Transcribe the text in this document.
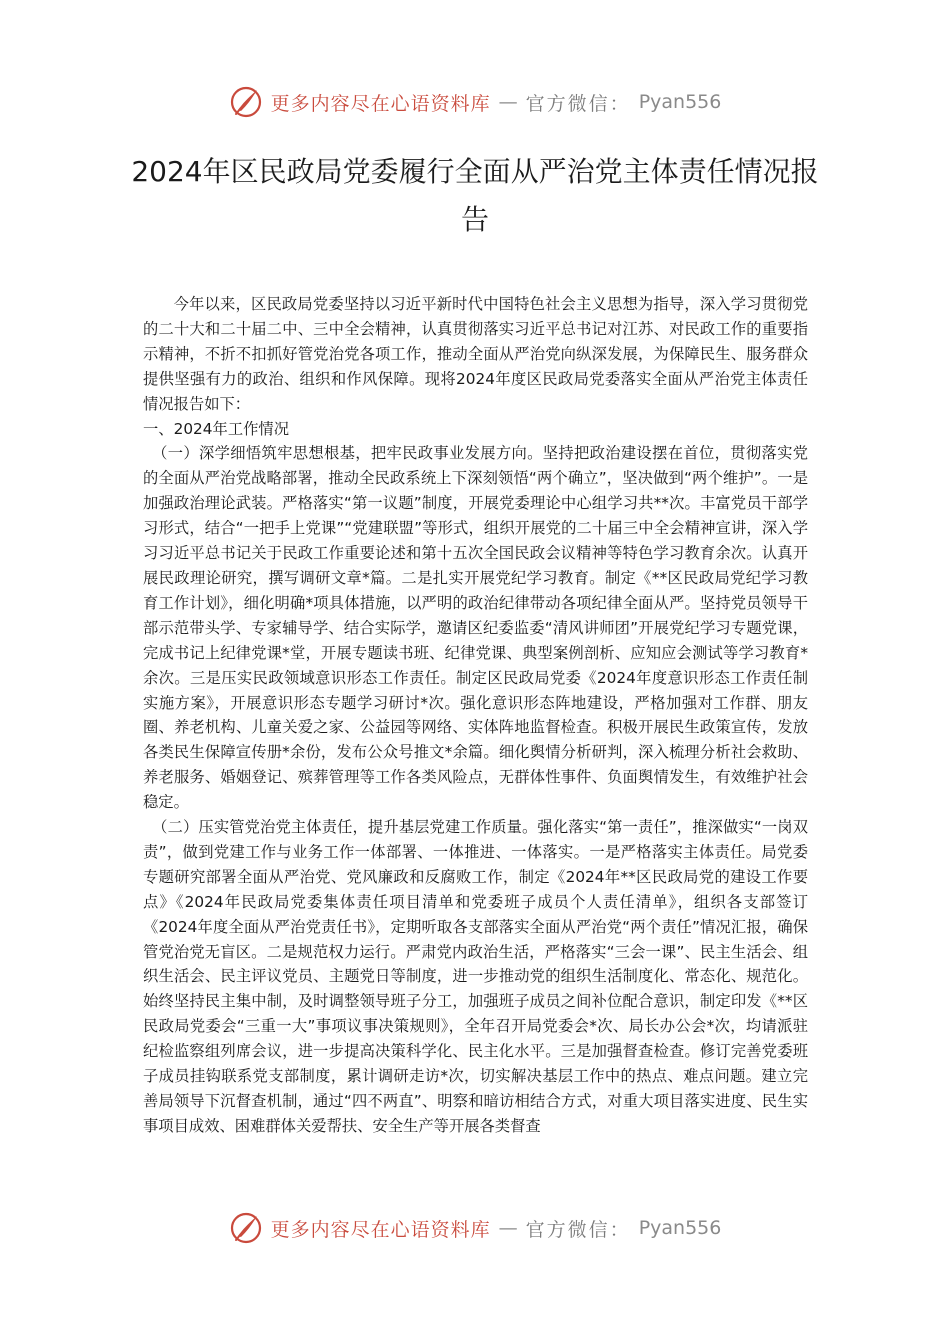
更多内容尽在心语资料库 — 官方微信： Pyan556
2024年区民政局党委履行全面从严治党主体责任情况报告

今年以来，区民政局党委坚持以习近平新时代中国特色社会主义思想为指导，深入学习贯彻党的二十大和二十届二中、三中全会精神，认真贯彻落实习近平总书记对江苏、对民政工作的重要指示精神，不折不扣抓好管党治党各项工作，推动全面从严治党向纵深发展，为保障民生、服务群众提供坚强有力的政治、组织和作风保障。现将2024年度区民政局党委落实全面从严治党主体责任情况报告如下：

一、2024年工作情况

（一）深学细悟筑牢思想根基，把牢民政事业发展方向。坚持把政治建设摆在首位，贯彻落实党的全面从严治党战略部署，推动全民政系统上下深刻领悟“两个确立”，坚决做到“两个维护”。一是加强政治理论武装。严格落实“第一议题”制度，开展党委理论中心组学习共**次。丰富党员干部学习形式，结合“一把手上党课”“党建联盟”等形式，组织开展党的二十届三中全会精神宣讲，深入学习习近平总书记关于民政工作重要论述和第十五次全国民政会议精神等特色学习教育余次。认真开展民政理论研究，撰写调研文章*篇。二是扎实开展党纪学习教育。制定《**区民政局党纪学习教育工作计划》，细化明确*项具体措施，以严明的政治纪律带动各项纪律全面从严。坚持党员领导干部示范带头学、专家辅导学、结合实际学，邀请区纪委监委“清风讲师团”开展党纪学习专题党课，完成书记上纪律党课*堂，开展专题读书班、纪律党课、典型案例剖析、应知应会测试等学习教育*余次。三是压实民政领域意识形态工作责任。制定区民政局党委《2024年度意识形态工作责任制实施方案》，开展意识形态专题学习研讨*次。强化意识形态阵地建设，严格加强对工作群、朋友圈、养老机构、儿童关爱之家、公益园等网络、实体阵地监督检查。积极开展民生政策宣传，发放各类民生保障宣传册*余份，发布公众号推文*余篇。细化舆情分析研判，深入梳理分析社会救助、养老服务、婚姻登记、殡葬管理等工作各类风险点，无群体性事件、负面舆情发生，有效维护社会稳定。

（二）压实管党治党主体责任，提升基层党建工作质量。强化落实“第一责任”，推深做实“一岗双责”，做到党建工作与业务工作一体部署、一体推进、一体落实。一是严格落实主体责任。局党委专题研究部署全面从严治党、党风廉政和反腐败工作，制定《2024年**区民政局党的建设工作要点》《2024年民政局党委集体责任项目清单和党委班子成员个人责任清单》，组织各支部签订《2024年度全面从严治党责任书》，定期听取各支部落实全面从严治党“两个责任”情况汇报，确保管党治党无盲区。二是规范权力运行。严肃党内政治生活，严格落实“三会一课”、民主生活会、组织生活会、民主评议党员、主题党日等制度，进一步推动党的组织生活制度化、常态化、规范化。始终坚持民主集中制，及时调整领导班子分工，加强班子成员之间补位配合意识，制定印发《**区民政局党委会“三重一大”事项议事决策规则》，全年召开局党委会*次、局长办公会*次，均请派驻纪检监察组列席会议，进一步提高决策科学化、民主化水平。三是加强督查检查。修订完善党委班子成员挂钩联系党支部制度，累计调研走访*次，切实解决基层工作中的热点、难点问题。建立完善局领导下沉督查机制，通过“四不两直”、明察和暗访相结合方式，对重大项目落实进度、民生实事项目成效、困难群体关爱帮扶、安全生产等开展各类督查

更多内容尽在心语资料库 — 官方微信： Pyan556
